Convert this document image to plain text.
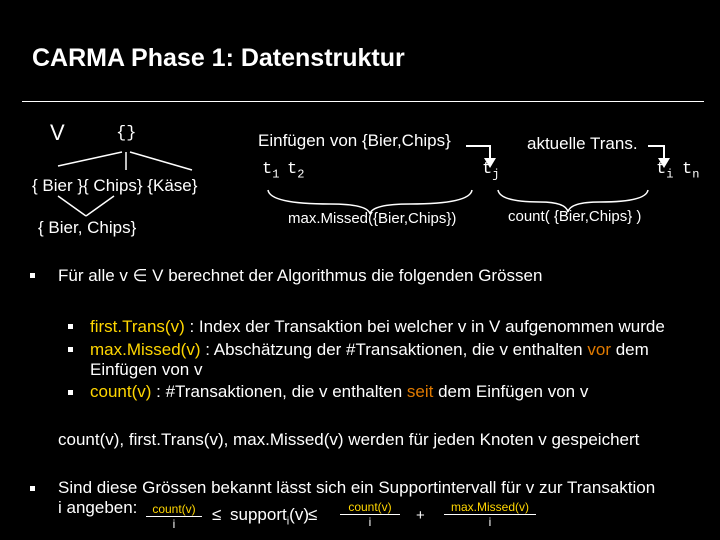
CARMA Phase 1: Datenstruktur
V	{}
{ Bier }{ Chips} {Käse}
{ Bier, Chips}
Einfügen von {Bier,Chips}	aktuelle Trans.
$t_1$ $t_2$	$t_j$	$t_i$ $t_n$
max.Missed({Bier,Chips})	count( {Bier,Chips} )
Für alle v ∈ V berechnet der Algorithmus die folgenden Grössen
first.Trans(v) : Index der Transaktion bei welcher v in V aufgenommen wurde
max.Missed(v) : Abschätzung der #Transaktionen, die v enthalten vor dem
Einfügen von v
count(v) : #Transaktionen, die v enthalten seit dem Einfügen von v
count(v), first.Trans(v), max.Missed(v) werden für jeden Knoten v gespeichert
Sind diese Grössen bekannt lässt sich ein Supportintervall für v zur Transaktion
i angeben:	count(v)
i	≤ support$_i$(v) ≤	count(v)
i	+	max.Missed(v)
i
